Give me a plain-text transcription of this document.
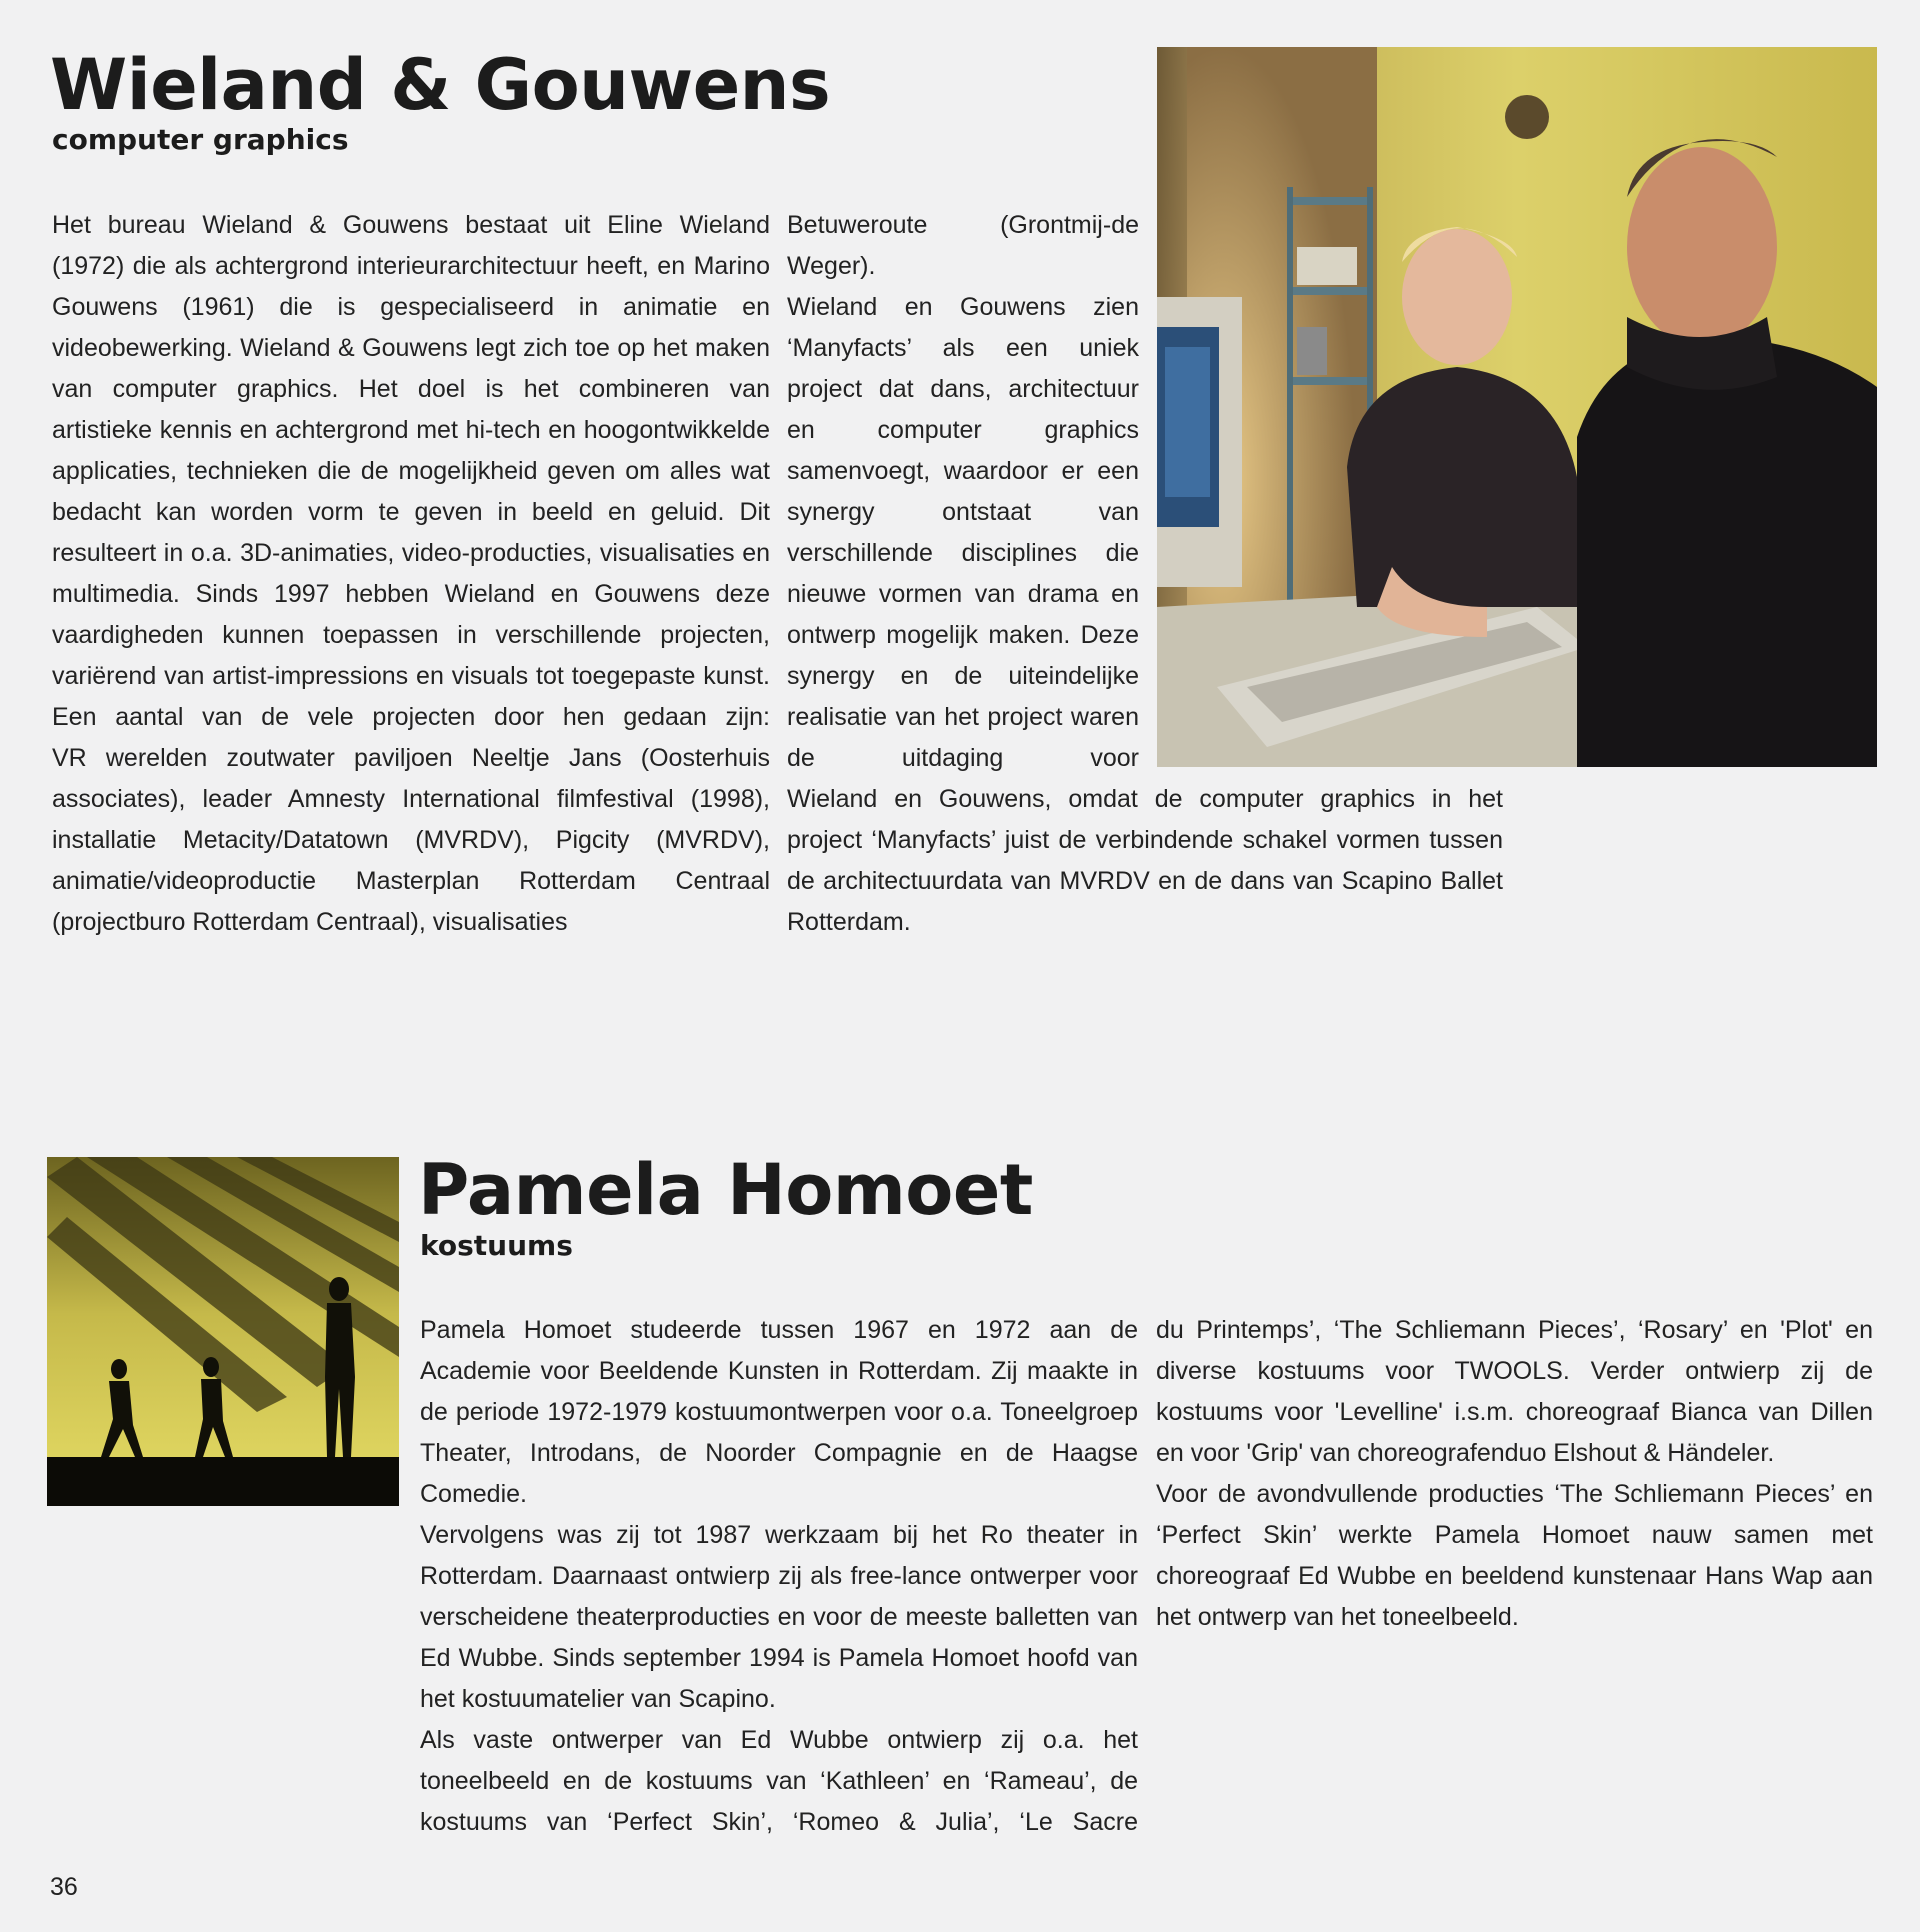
Wieland & Gouwens
computer graphics

Het bureau Wieland & Gouwens bestaat uit Eline Wieland (1972) die als achtergrond interieurarchitectuur heeft, en Marino Gouwens (1961) die is gespecialiseerd in animatie en videobewerking. Wieland & Gouwens legt zich toe op het maken van computer graphics. Het doel is het combineren van artistieke kennis en achtergrond met hi-tech en hoogontwikkelde applicaties, technieken die de mogelijkheid geven om alles wat bedacht kan worden vorm te geven in beeld en geluid. Dit resulteert in o.a. 3D-animaties, video-producties, visualisaties en multimedia. Sinds 1997 hebben Wieland en Gouwens deze vaardigheden kunnen toepassen in verschillende projecten, variërend van artist-impressions en visuals tot toegepaste kunst. Een aantal van de vele projecten door hen gedaan zijn:

VR werelden zoutwater paviljoen Neeltje Jans (Oosterhuis associates), leader Amnesty International filmfestival (1998), installatie Metacity/Datatown (MVRDV), Pigcity (MVRDV), animatie/videoproductie Masterplan Rotterdam Centraal (projectburo Rotterdam Centraal), visualisaties

Betuweroute (Grontmij-de Weger).

Wieland en Gouwens zien ‘Manyfacts’ als een uniek project dat dans, architectuur en computer graphics samenvoegt, waardoor er een synergy ontstaat van verschillende disciplines die nieuwe vormen van drama en ontwerp mogelijk maken. Deze synergy en de uiteindelijke realisatie van het project waren de uitdaging voor

Wieland en Gouwens, omdat de computer graphics in het project ‘Manyfacts’ juist de verbindende schakel vormen tussen de architectuurdata van MVRDV en de dans van Scapino Ballet Rotterdam.

Pamela Homoet
kostuums

Pamela Homoet studeerde tussen 1967 en 1972 aan de Academie voor Beeldende Kunsten in Rotterdam. Zij maakte in de periode 1972-1979 kostuumontwerpen voor o.a. Toneelgroep Theater, Introdans, de Noorder Compagnie en de Haagse Comedie.

Vervolgens was zij tot 1987 werkzaam bij het Ro theater in Rotterdam. Daarnaast ontwierp zij als free-lance ontwerper voor verscheidene theaterproducties en voor de meeste balletten van Ed Wubbe. Sinds september 1994 is Pamela Homoet hoofd van het kostuumatelier van Scapino.

Als vaste ontwerper van Ed Wubbe ontwierp zij o.a. het toneelbeeld en de kostuums van ‘Kathleen’ en ‘Rameau’, de kostuums van ‘Perfect Skin’, ‘Romeo & Julia’, ‘Le Sacre

du Printemps’, ‘The Schliemann Pieces’, ‘Rosary’ en 'Plot' en diverse kostuums voor TWOOLS. Verder ontwierp zij de kostuums voor 'Levelline' i.s.m. choreograaf Bianca van Dillen en voor 'Grip' van choreografenduo Elshout & Händeler.

Voor de avondvullende producties ‘The Schliemann Pieces’ en ‘Perfect Skin’ werkte Pamela Homoet nauw samen met choreograaf Ed Wubbe en beeldend kunstenaar Hans Wap aan het ontwerp van het toneelbeeld.

36
